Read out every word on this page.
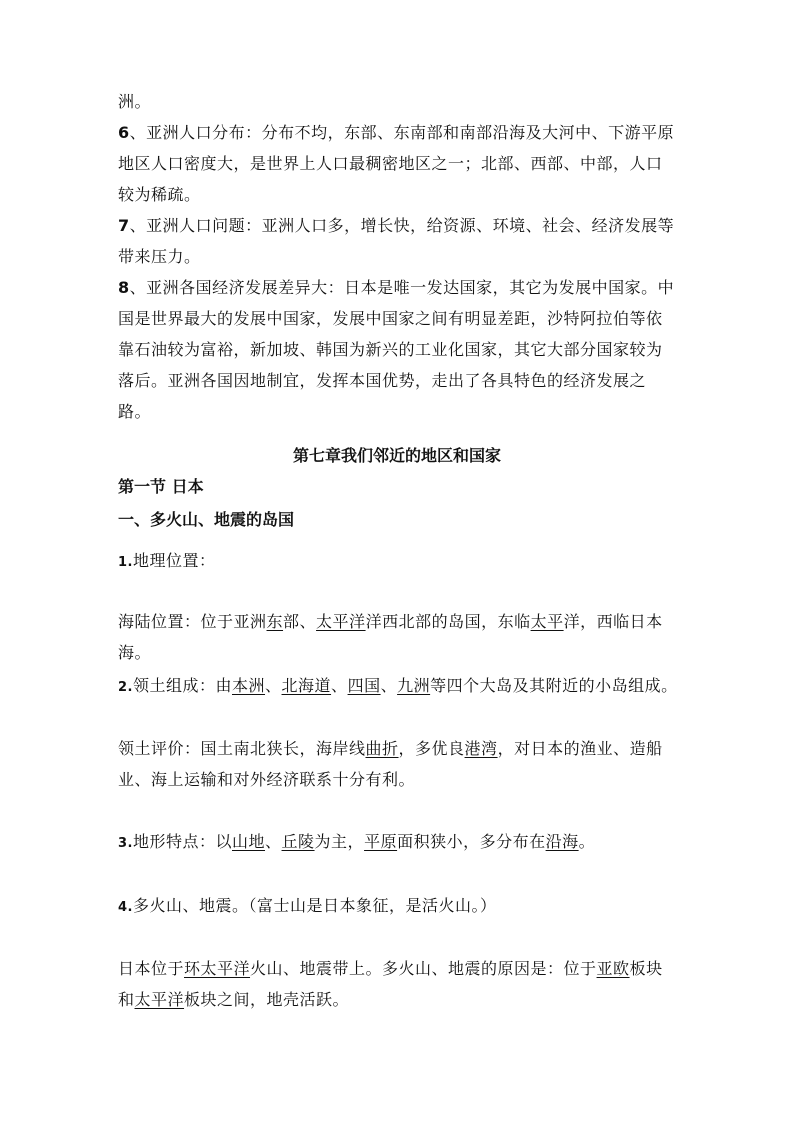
洲。

6、亚洲人口分布：分布不均，东部、东南部和南部沿海及大河中、下游平原地区人口密度大，是世界上人口最稠密地区之一；北部、西部、中部，人口较为稀疏。

7、亚洲人口问题：亚洲人口多，增长快，给资源、环境、社会、经济发展等带来压力。

8、亚洲各国经济发展差异大：日本是唯一发达国家，其它为发展中国家。中国是世界最大的发展中国家，发展中国家之间有明显差距，沙特阿拉伯等依靠石油较为富裕，新加坡、韩国为新兴的工业化国家，其它大部分国家较为落后。亚洲各国因地制宜，发挥本国优势，走出了各具特色的经济发展之路。

第七章我们邻近的地区和国家
第一节 日本
一、多火山、地震的岛国

1.地理位置：

海陆位置：位于亚洲东部、太平洋洋西北部的岛国，东临太平洋，西临日本海。

2.领土组成：由本洲、北海道、四国、九洲等四个大岛及其附近的小岛组成。

领土评价：国土南北狭长，海岸线曲折，多优良港湾，对日本的渔业、造船业、海上运输和对外经济联系十分有利。

3.地形特点：以山地、丘陵为主，平原面积狭小，多分布在沿海。

4.多火山、地震。（富士山是日本象征，是活火山。）

日本位于环太平洋火山、地震带上。多火山、地震的原因是：位于亚欧板块和太平洋板块之间，地壳活跃。
